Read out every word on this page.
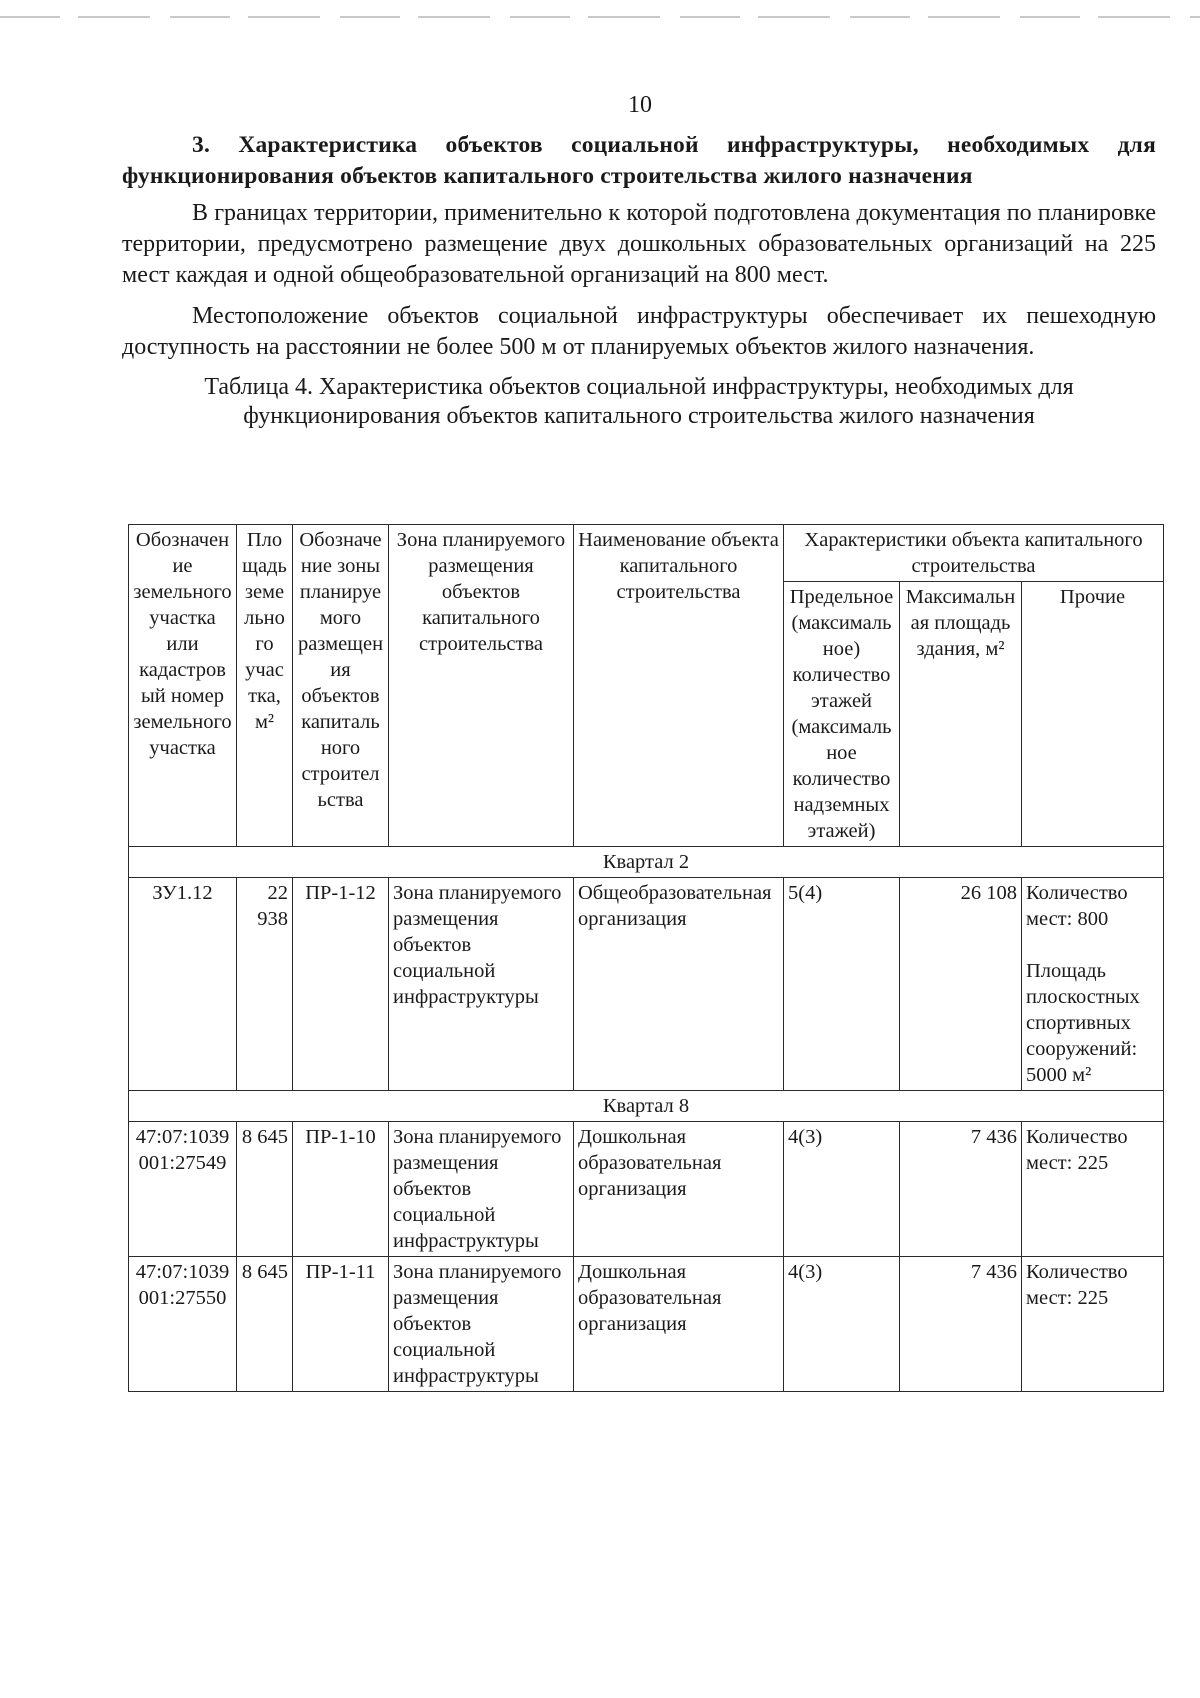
10

3. Характеристика объектов социальной инфраструктуры, необходимых для функционирования объектов капитального строительства жилого назначения

В границах территории, применительно к которой подготовлена документация по планировке территории, предусмотрено размещение двух дошкольных образовательных организаций на 225 мест каждая и одной общеобразовательной организаций на 800 мест.

Местоположение объектов социальной инфраструктуры обеспечивает их пешеходную доступность на расстоянии не более 500 м от планируемых объектов жилого назначения.

Таблица 4. Характеристика объектов социальной инфраструктуры, необходимых для функционирования объектов капитального строительства жилого назначения

Обозначение земельного участка или кадастровый номер земельного участка	Площадь земельного участка, м²	Обозначение зоны планируемого размещения объектов капитального строительства	Зона планируемого размещения объектов капитального строительства	Наименование объекта капитального строительства	Характеристики объекта капитального строительства		
					Предельное (максимальное) количество этажей (максимальное количество надземных этажей)	Максимальная площадь здания, м²	Прочие
Квартал 2							
ЗУ1.12	22 938	ПР-1-12	Зона планируемого размещения объектов социальной инфраструктуры	Общеобразовательная организация	5(4)	26 108	Количество мест: 800
Площадь плоскостных спортивных сооружений: 5000 м²

Квартал 8							
47:07:1039001:27549	8 645	ПР-1-10	Зона планируемого размещения объектов социальной инфраструктуры	Дошкольная образовательная организация	4(3)	7 436	Количество мест: 225
47:07:1039001:27550	8 645	ПР-1-11	Зона планируемого размещения объектов социальной инфраструктуры	Дошкольная образовательная организация	4(3)	7 436	Количество мест: 225
